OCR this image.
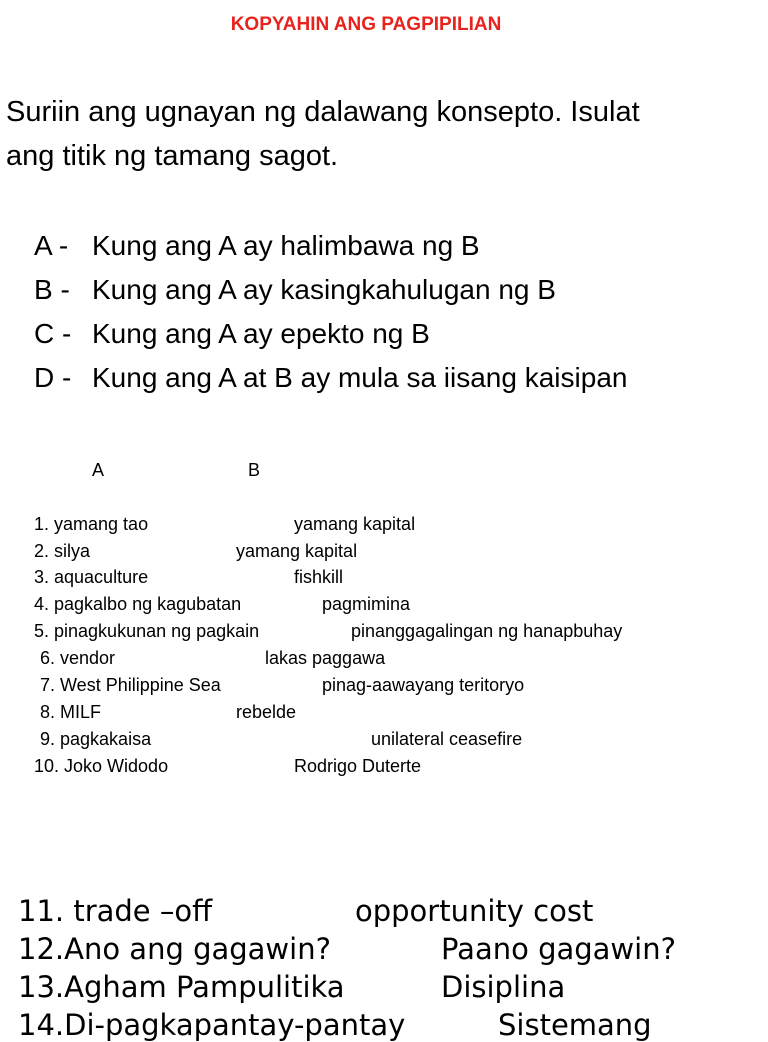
KOPYAHIN ANG PAGPIPILIAN
Suriin ang ugnayan ng dalawang konsepto. Isulat
ang titik ng tamang sagot.
A - Kung ang A ay halimbawa ng B
B - Kung ang A ay kasingkahulugan ng B
C - Kung ang A ay epekto ng B
D - Kung ang A at B ay mula sa iisang kaisipan
A	B
1. yamang tao	yamang kapital
2. silya	yamang kapital
3. aquaculture	fishkill
4. pagkalbo ng kagubatan	pagmimina
5. pinagkukunan ng pagkain	pinanggagalingan ng hanapbuhay
6. vendor	lakas paggawa
7. West Philippine Sea	pinag-aawayang teritoryo
8. MILF	rebelde
9. pagkakaisa	unilateral ceasefire
10. Joko Widodo	Rodrigo Duterte
11. trade –off	opportunity cost
12.Ano ang gagawin?	Paano gagawin?
13.Agham Pampulitika	Disiplina
14.Di-pagkapantay-pantay	Sistemang
